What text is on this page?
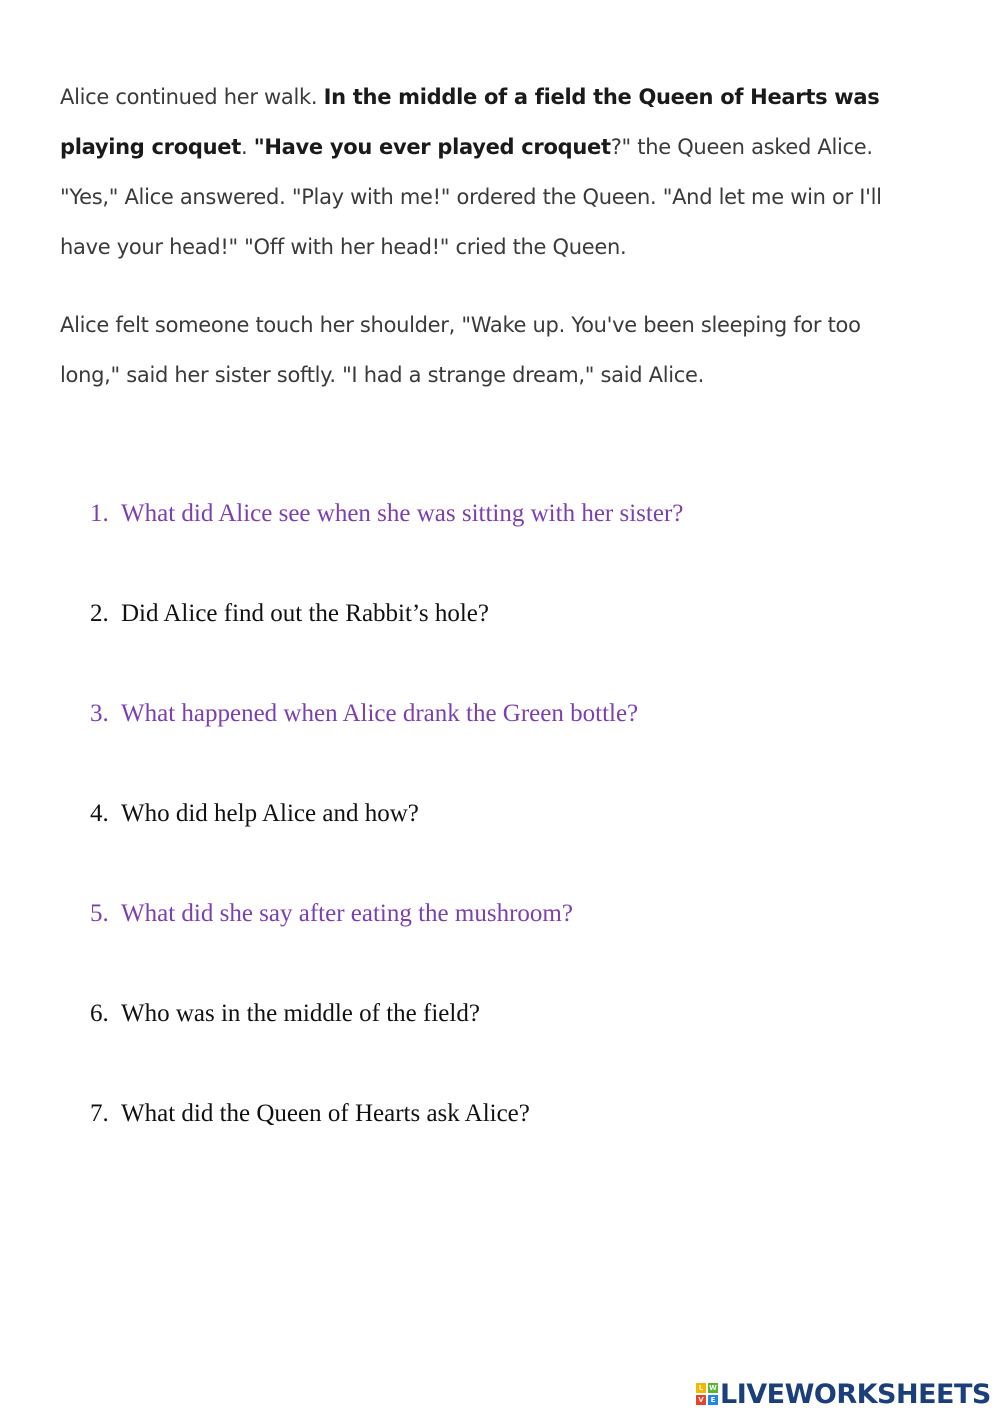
Alice continued her walk. In the middle of a field the Queen of Hearts was playing croquet. "Have you ever played croquet?" the Queen asked Alice. "Yes," Alice answered. "Play with me!" ordered the Queen. "And let me win or I'll have your head!" "Off with her head!" cried the Queen.

Alice felt someone touch her shoulder, "Wake up. You've been sleeping for too long," said her sister softly. "I had a strange dream," said Alice.

1. What did Alice see when she was sitting with her sister?
2. Did Alice find out the Rabbit’s hole?
3. What happened when Alice drank the Green bottle?
4. Who did help Alice and how?
5. What did she say after eating the mushroom?
6. Who was in the middle of the field?
7. What did the Queen of Hearts ask Alice?
L W
V E LIVEWORKSHEETS
